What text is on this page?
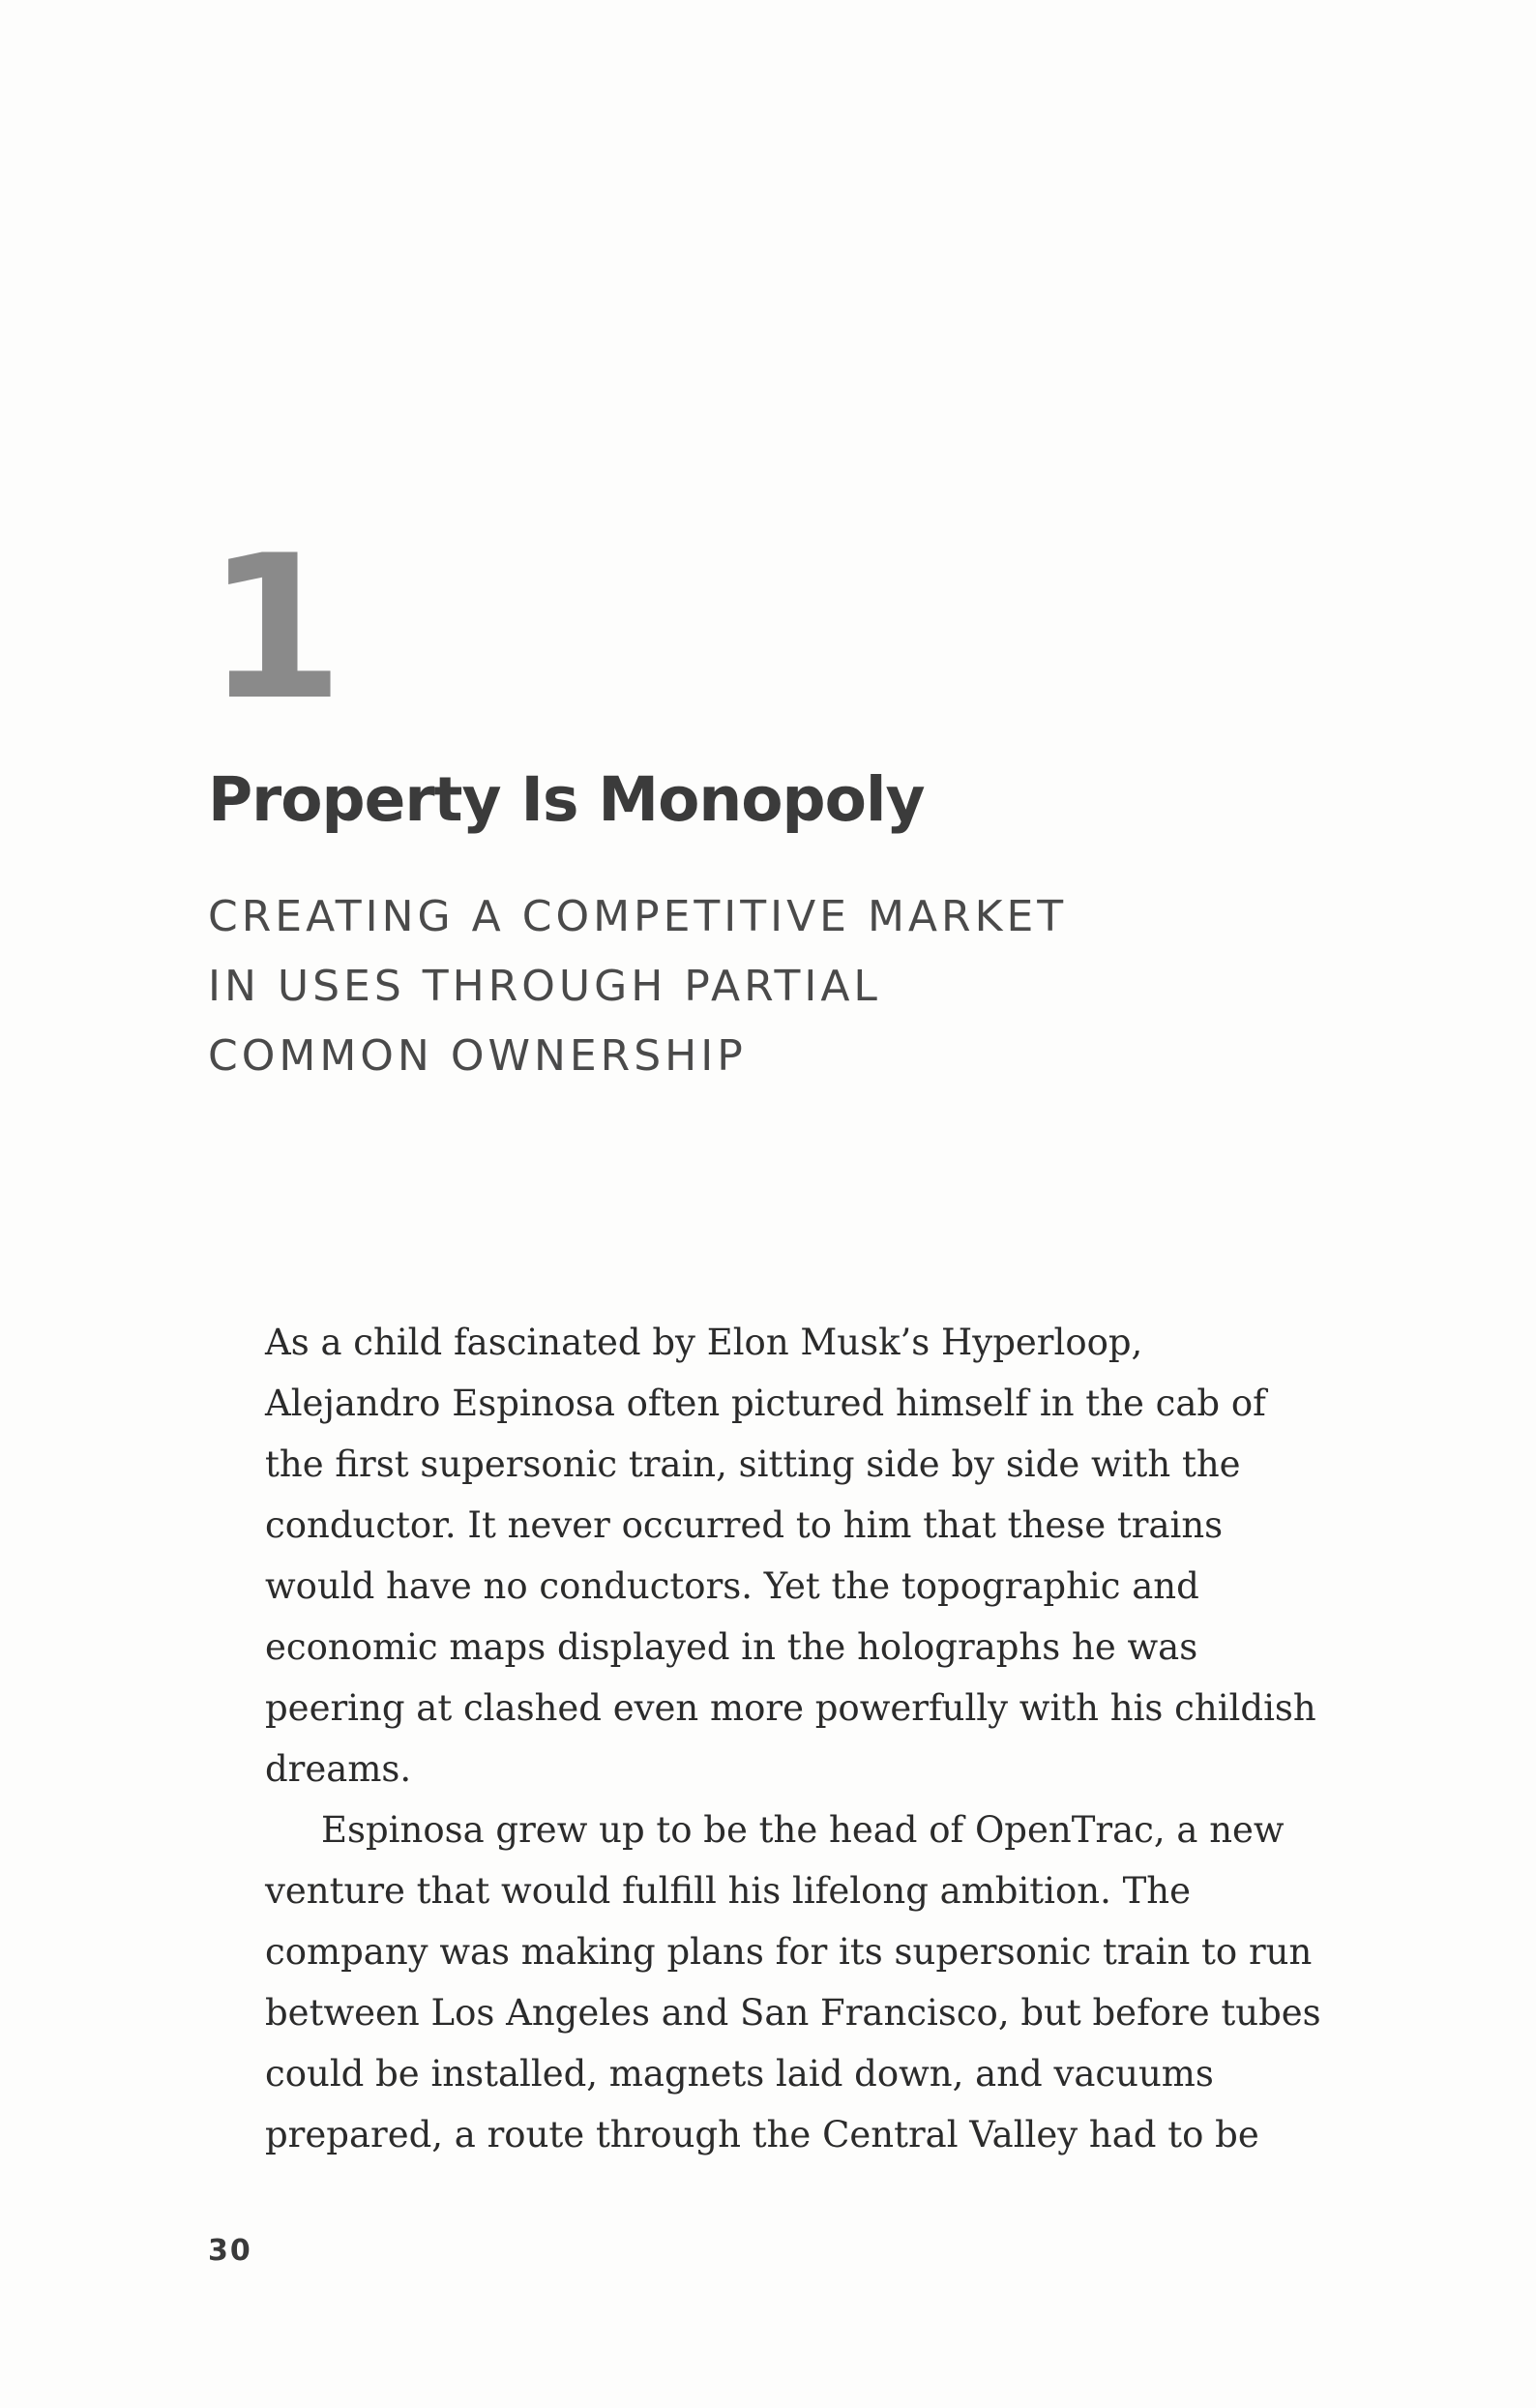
1
Property Is Monopoly
CREATING A COMPETITIVE MARKET
IN USES THROUGH PARTIAL
COMMON OWNERSHIP
As a child fascinated by Elon Musk’s Hyperloop,
Alejandro Espinosa often pictured himself in the cab of
the first supersonic train, sitting side by side with the
conductor. It never occurred to him that these trains
would have no conductors. Yet the topographic and
economic maps displayed in the holographs he was
peering at clashed even more powerfully with his childish
dreams.
Espinosa grew up to be the head of OpenTrac, a new
venture that would fulfill his lifelong ambition. The
company was making plans for its supersonic train to run
between Los Angeles and San Francisco, but before tubes
could be installed, magnets laid down, and vacuums
prepared, a route through the Central Valley had to be
30
